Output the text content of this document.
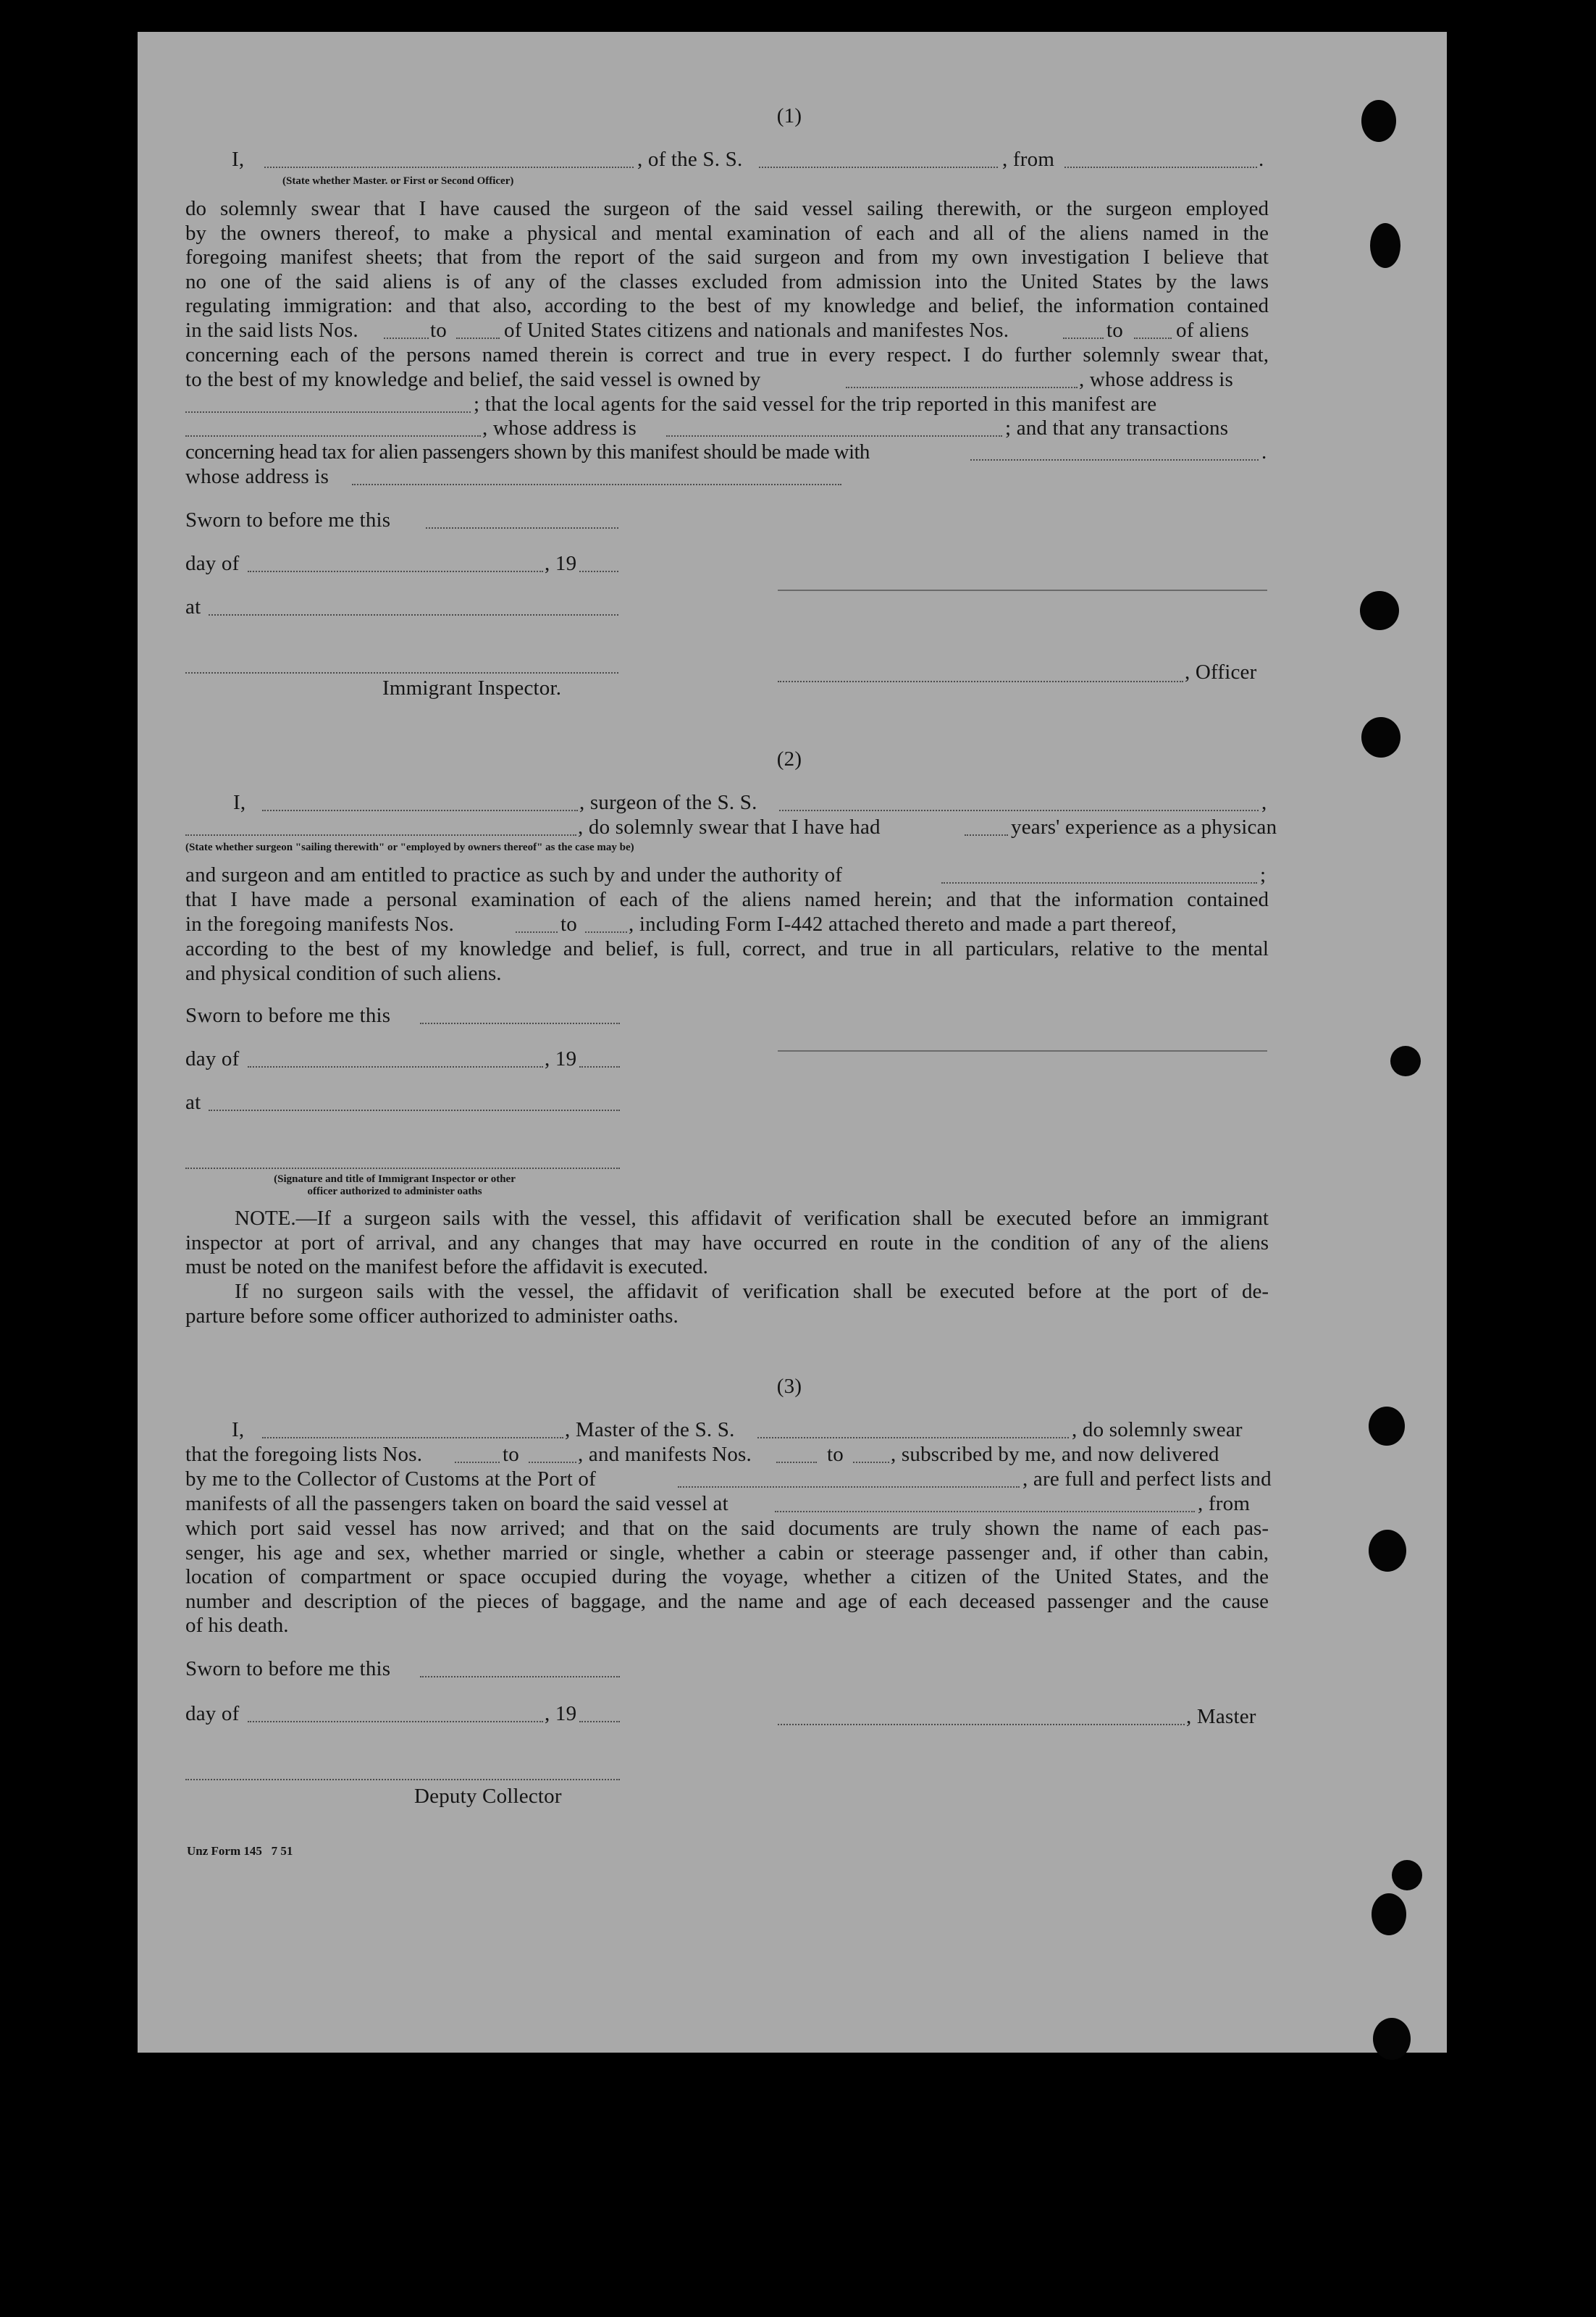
(1)
I,	, of the S. S.	, from	.
(State whether Master. or First or Second Officer)
do solemnly swear that I have caused the surgeon of the said vessel sailing therewith, or the surgeon employed
by the owners thereof, to make a physical and mental examination of each and all of the aliens named in the
foregoing manifest sheets; that from the report of the said surgeon and from my own investigation I believe that
no one of the said aliens is of any of the classes excluded from admission into the United States by the laws
regulating immigration: and that also, according to the best of my knowledge and belief, the information contained
in the said lists Nos.	to	of United States citizens and nationals and manifestes Nos.	to	of aliens
concerning each of the persons named therein is correct and true in every respect. I do further solemnly swear that,
to the best of my knowledge and belief, the said vessel is owned by	, whose address is
; that the local agents for the said vessel for the trip reported in this manifest are
, whose address is	; and that any transactions
concerning head tax for alien passengers shown by this manifest should be made with	.
whose address is
Sworn to before me this
day of	, 19
at
, Officer
Immigrant Inspector.
(2)
I,	, surgeon of the S. S.	,
, do solemnly swear that I have had	years' experience as a physican
(State whether surgeon "sailing therewith" or "employed by owners thereof" as the case may be)
and surgeon and am entitled to practice as such by and under the authority of	;
that I have made a personal examination of each of the aliens named herein; and that the information contained
in the foregoing manifests Nos.	to , including Form I-442 attached thereto and made a part thereof,
according to the best of my knowledge and belief, is full, correct, and true in all particulars, relative to the mental
and physical condition of such aliens.
Sworn to before me this
day of	, 19
at
(Signature and title of Immigrant Inspector or other
officer authorized to administer oaths
NOTE.—If a surgeon sails with the vessel, this affidavit of verification shall be executed before an immigrant
inspector at port of arrival, and any changes that may have occurred en route in the condition of any of the aliens
must be noted on the manifest before the affidavit is executed.
If no surgeon sails with the vessel, the affidavit of verification shall be executed before at the port of de-
parture before some officer authorized to administer oaths.
(3)
I,	, Master of the S. S.	, do solemnly swear
that the foregoing lists Nos.	to	, and manifests Nos.	to , subscribed by me, and now delivered
by me to the Collector of Customs at the Port of	, are full and perfect lists and
manifests of all the passengers taken on board the said vessel at	, from
which port said vessel has now arrived; and that on the said documents are truly shown the name of each pas-
senger, his age and sex, whether married or single, whether a cabin or steerage passenger and, if other than cabin,
location of compartment or space occupied during the voyage, whether a citizen of the United States, and the
number and description of the pieces of baggage, and the name and age of each deceased passenger and the cause
of his death.
Sworn to before me this
day of	, 19	, Master
Deputy Collector
Unz Form 145   7 51
